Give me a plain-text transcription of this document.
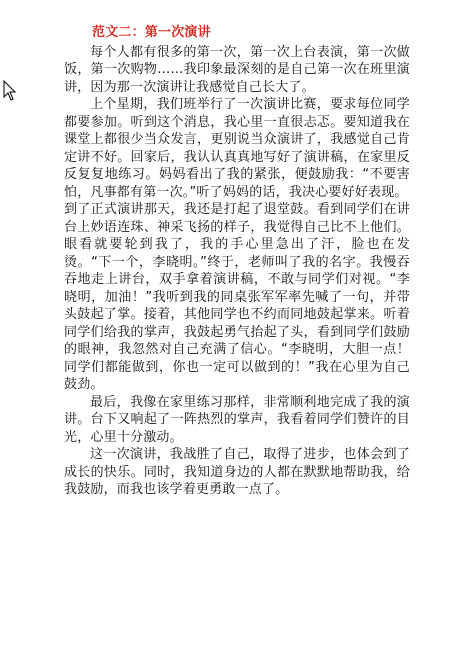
范文二：第一次演讲

每个人都有很多的第一次，第一次上台表演，第一次做饭，第一次购物……我印象最深刻的是自己第一次在班里演讲，因为那一次演讲让我感觉自己长大了。

上个星期，我们班举行了一次演讲比赛，要求每位同学都要参加。听到这个消息，我心里一直很忐忑。要知道我在课堂上都很少当众发言，更别说当众演讲了，我感觉自己肯定讲不好。回家后，我认认真真地写好了演讲稿，在家里反反复复地练习。妈妈看出了我的紧张，便鼓励我：“不要害怕，凡事都有第一次。”听了妈妈的话，我决心要好好表现。

到了正式演讲那天，我还是打起了退堂鼓。看到同学们在讲台上妙语连珠、神采飞扬的样子，我觉得自己比不上他们。眼看就要轮到我了，我的手心里急出了汗，脸也在发烫。“下一个，李晓明。”终于，老师叫了我的名字。我慢吞吞地走上讲台，双手拿着演讲稿，不敢与同学们对视。“李晓明，加油！”我听到我的同桌张军军率先喊了一句，并带头鼓起了掌。接着，其他同学也不约而同地鼓起掌来。听着同学们给我的掌声，我鼓起勇气抬起了头，看到同学们鼓励的眼神，我忽然对自己充满了信心。“李晓明，大胆一点！同学们都能做到，你也一定可以做到的！”我在心里为自己鼓劲。

最后，我像在家里练习那样，非常顺利地完成了我的演讲。台下又响起了一阵热烈的掌声，我看着同学们赞许的目光，心里十分激动。

这一次演讲，我战胜了自己，取得了进步，也体会到了成长的快乐。同时，我知道身边的人都在默默地帮助我，给我鼓励，而我也该学着更勇敢一点了。
